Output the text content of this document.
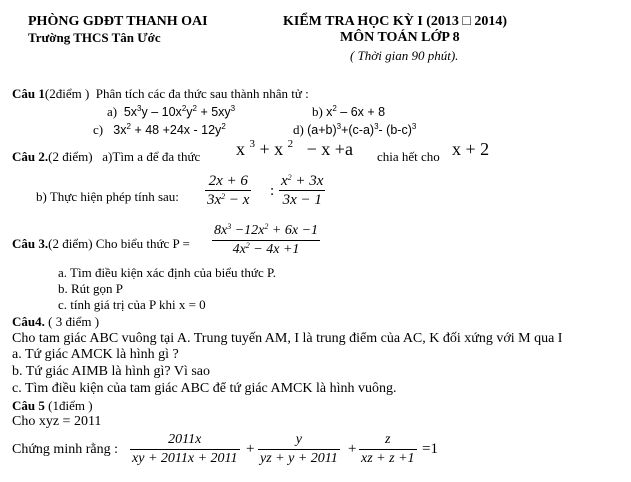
PHÒNG GDĐT THANH OAI
Trường THCS Tân Ước
KIỂM TRA HỌC KỲ I (2013 □ 2014)
MÔN TOÁN LỚP 8
( Thời gian 90 phút).
Câu 1(2điểm ) Phân tích các đa thức sau thành nhân tử :
a)  $5x^3y - 10x^2y^2 + 5xy^3$	b) $x^2 - 6x + 8$
c)   $3x^2 + 48 +24x - 12y^2$	d) $(a+b)^3+(c-a)^3-$ $(b-c)^3$
Câu 2.(2 điểm) a)Tìm a để đa thức x $^3$ + x $^2$   − x +a chia hết cho x + 2
b) Thực hiện phép tính sau:
2x + 6
$3x^2 - x$
:
$x^2 + 3x$
3x − 1
Câu 3.(2 điểm) Cho biểu thức P =
$8x^3 -12x^2 + 6x -1$
$4x^2 - 4x +1$
a. Tìm điều kiện xác định của biểu thức P.
b. Rút gọn P
c. tính giá trị của P khi x = 0
Câu4. ( 3 điểm )
Cho tam giác ABC vuông tại A. Trung tuyến AM, I là trung điểm của AC, K đối xứng với M qua I
a. Tứ giác AMCK là hình gì ?
b. Tứ giác AIMB là hình gì? Vì sao
c. Tìm điều kiện của tam giác ABC để tứ giác AMCK là hình vuông.
Câu 5 (1điểm )
Cho xyz = 2011
Chứng minh rằng :
2011x
xy + 2011x + 2011
+
y
yz + y + 2011
+
z
xz + z +1
=1
